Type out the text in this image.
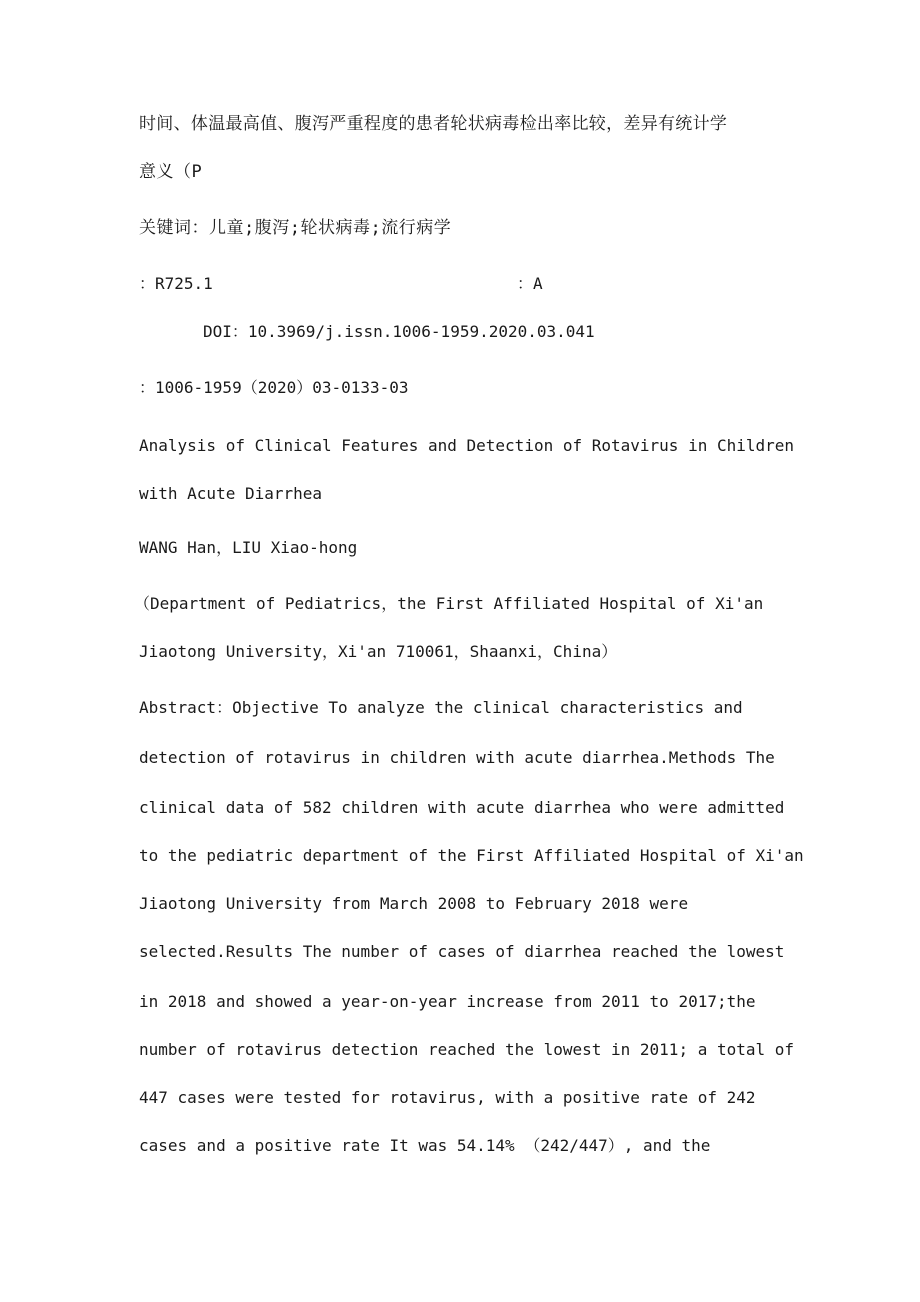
时间、体温最高值、腹泻严重程度的患者轮状病毒检出率比较，差异有统计学
意义（P
关键词：儿童;腹泻;轮状病毒;流行病学
：R725.1	：A
DOI：10.3969/j.issn.1006-1959.2020.03.041
：1006-1959（2020）03-0133-03
Analysis of Clinical Features and Detection of Rotavirus in Children
with Acute Diarrhea
WANG Han，LIU Xiao-hong
（Department of Pediatrics，the First Affiliated Hospital of Xi'an
Jiaotong University，Xi'an 710061，Shaanxi，China）
Abstract：Objective To analyze the clinical characteristics and
detection of rotavirus in children with acute diarrhea.Methods The
clinical data of 582 children with acute diarrhea who were admitted
to the pediatric department of the First Affiliated Hospital of Xi'an
Jiaotong University from March 2008 to February 2018 were
selected.Results The number of cases of diarrhea reached the lowest
in 2018 and showed a year-on-year increase from 2011 to 2017;the
number of rotavirus detection reached the lowest in 2011; a total of
447 cases were tested for rotavirus, with a positive rate of 242
cases and a positive rate It was 54.14% （242/447）, and the
